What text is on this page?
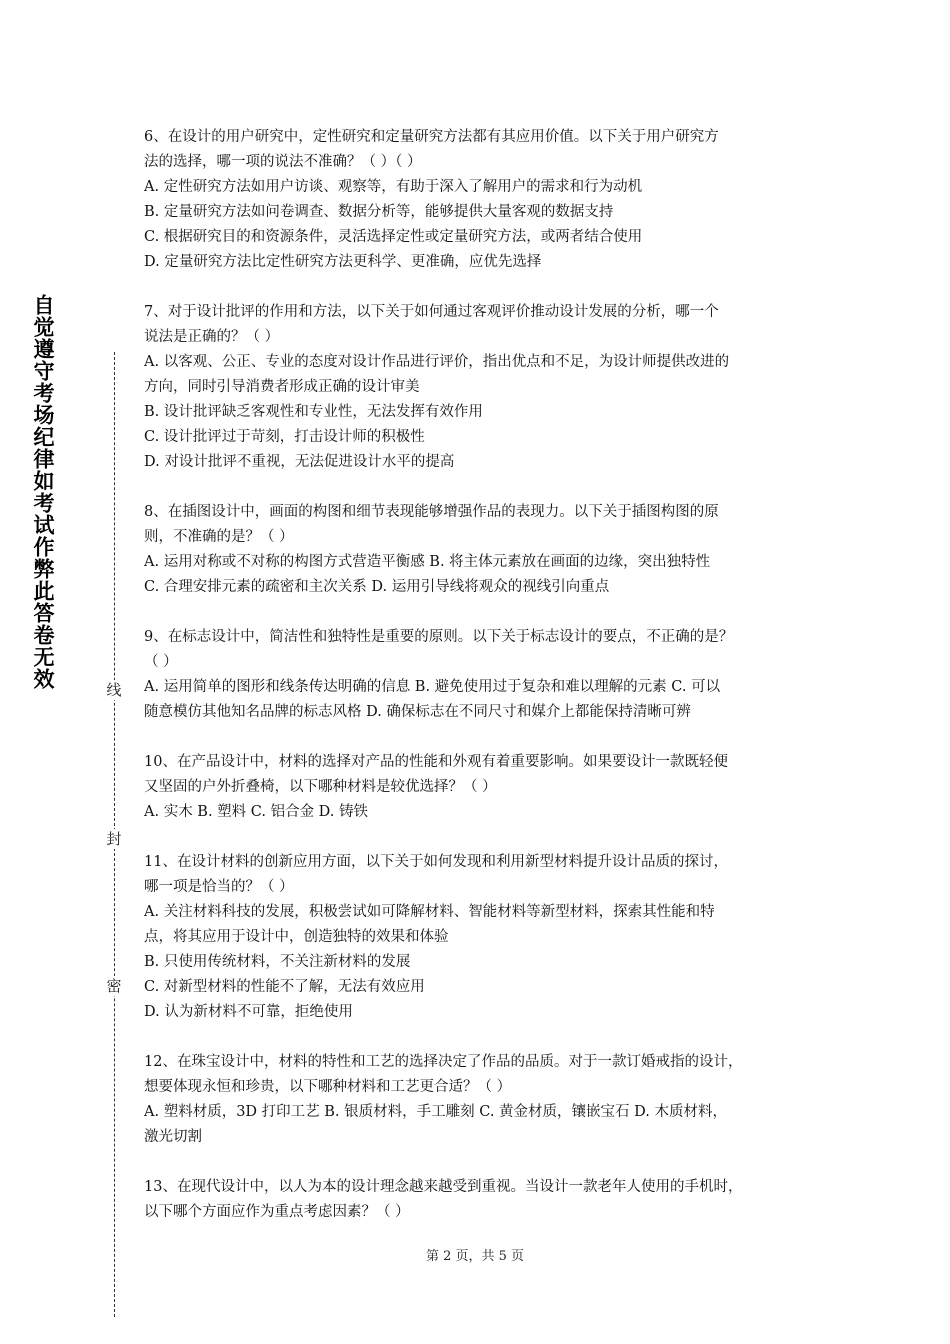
自觉遵守考场纪律如考试作弊此答卷无效	线
封
密
6、在设计的用户研究中，定性研究和定量研究方法都有其应用价值。以下关于用户研究方
法的选择，哪一项的说法不准确？（ ）（ ）
A. 定性研究方法如用户访谈、观察等，有助于深入了解用户的需求和行为动机
B. 定量研究方法如问卷调查、数据分析等，能够提供大量客观的数据支持
C. 根据研究目的和资源条件，灵活选择定性或定量研究方法，或两者结合使用
D. 定量研究方法比定性研究方法更科学、更准确，应优先选择
7、对于设计批评的作用和方法，以下关于如何通过客观评价推动设计发展的分析，哪一个
说法是正确的？（ ）
A. 以客观、公正、专业的态度对设计作品进行评价，指出优点和不足，为设计师提供改进的
方向，同时引导消费者形成正确的设计审美
B. 设计批评缺乏客观性和专业性，无法发挥有效作用
C. 设计批评过于苛刻，打击设计师的积极性
D. 对设计批评不重视，无法促进设计水平的提高
8、在插图设计中，画面的构图和细节表现能够增强作品的表现力。以下关于插图构图的原
则，不准确的是？（ ）
A. 运用对称或不对称的构图方式营造平衡感 B. 将主体元素放在画面的边缘，突出独特性
C. 合理安排元素的疏密和主次关系 D. 运用引导线将观众的视线引向重点
9、在标志设计中，简洁性和独特性是重要的原则。以下关于标志设计的要点，不正确的是？
（ ）
A. 运用简单的图形和线条传达明确的信息 B. 避免使用过于复杂和难以理解的元素 C. 可以
随意模仿其他知名品牌的标志风格 D. 确保标志在不同尺寸和媒介上都能保持清晰可辨
10、在产品设计中，材料的选择对产品的性能和外观有着重要影响。如果要设计一款既轻便
又坚固的户外折叠椅，以下哪种材料是较优选择？（ ）
A. 实木 B. 塑料 C. 铝合金 D. 铸铁
11、在设计材料的创新应用方面，以下关于如何发现和利用新型材料提升设计品质的探讨，
哪一项是恰当的？（ ）
A. 关注材料科技的发展，积极尝试如可降解材料、智能材料等新型材料，探索其性能和特
点，将其应用于设计中，创造独特的效果和体验
B. 只使用传统材料，不关注新材料的发展
C. 对新型材料的性能不了解，无法有效应用
D. 认为新材料不可靠，拒绝使用
12、在珠宝设计中，材料的特性和工艺的选择决定了作品的品质。对于一款订婚戒指的设计，
想要体现永恒和珍贵，以下哪种材料和工艺更合适？（ ）
A. 塑料材质，3D 打印工艺 B. 银质材料，手工雕刻 C. 黄金材质，镶嵌宝石 D. 木质材料，
激光切割
13、在现代设计中，以人为本的设计理念越来越受到重视。当设计一款老年人使用的手机时，
以下哪个方面应作为重点考虑因素？（ ）
第 2 页，共 5 页
